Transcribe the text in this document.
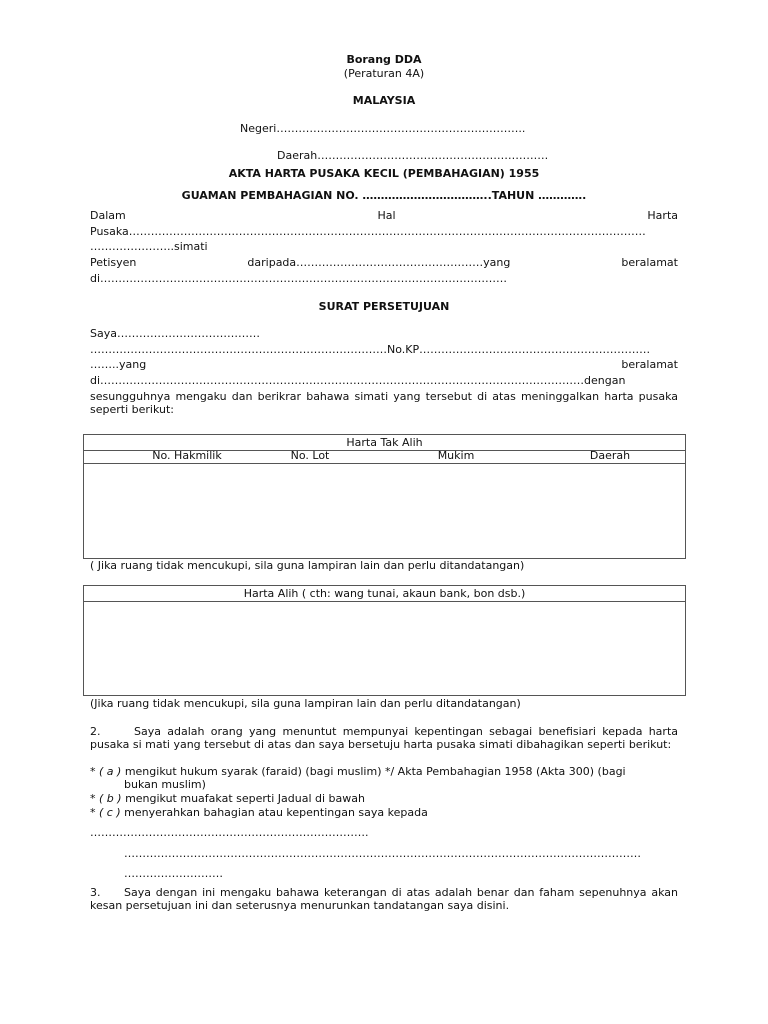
Borang DDA
(Peraturan 4A)
MALAYSIA
Negeri…………………………………………………………..
Daerah………………………………………………………
AKTA HARTA PUSAKA KECIL (PEMBAHAGIAN) 1955
GUAMAN PEMBAHAGIAN NO. ……………………………..TAHUN ………….
Dalam	Hal	Harta
Pusaka……………………………………………………………………………………………………………………………
…………………..simati
Petisyen	daripada……………………………………………yang	beralamat
di…………………………………………………………………………………………………
SURAT PERSETUJUAN
Saya…………………………………
………………………………………………………………………No.KP………………………………………………………
……..yang	beralamat
di……………………………………………………………………………………………………………………dengan
sesungguhnya mengaku dan berikrar bahawa simati yang tersebut di atas meninggalkan harta pusaka seperti berikut:
Harta Tak Alih
No. Hakmilik	No. Lot	Mukim	Daerah
( Jika ruang tidak mencukupi, sila guna lampiran lain dan perlu ditandatangan)
Harta Alih ( cth: wang tunai, akaun bank, bon dsb.)
(Jika ruang tidak mencukupi, sila guna lampiran lain dan perlu ditandatangan)
2.	Saya adalah orang yang menuntut mempunyai kepentingan sebagai benefisiari kepada harta pusaka si mati yang tersebut di atas dan saya bersetuju harta pusaka simati dibahagikan seperti berikut:
* ( a ) mengikut hukum syarak (faraid) (bagi muslim) */ Akta Pembahagian 1958 (Akta 300) (bagi
bukan muslim)
* ( b ) mengikut muafakat seperti Jadual di bawah
* ( c ) menyerahkan bahagian atau kepentingan saya kepada
………………………………………………………………….
……………………………………………………………………………………………………………………………
………………………
3.	Saya dengan ini mengaku bahawa keterangan di atas adalah benar dan faham sepenuhnya akan kesan persetujuan ini dan seterusnya menurunkan tandatangan saya disini.
